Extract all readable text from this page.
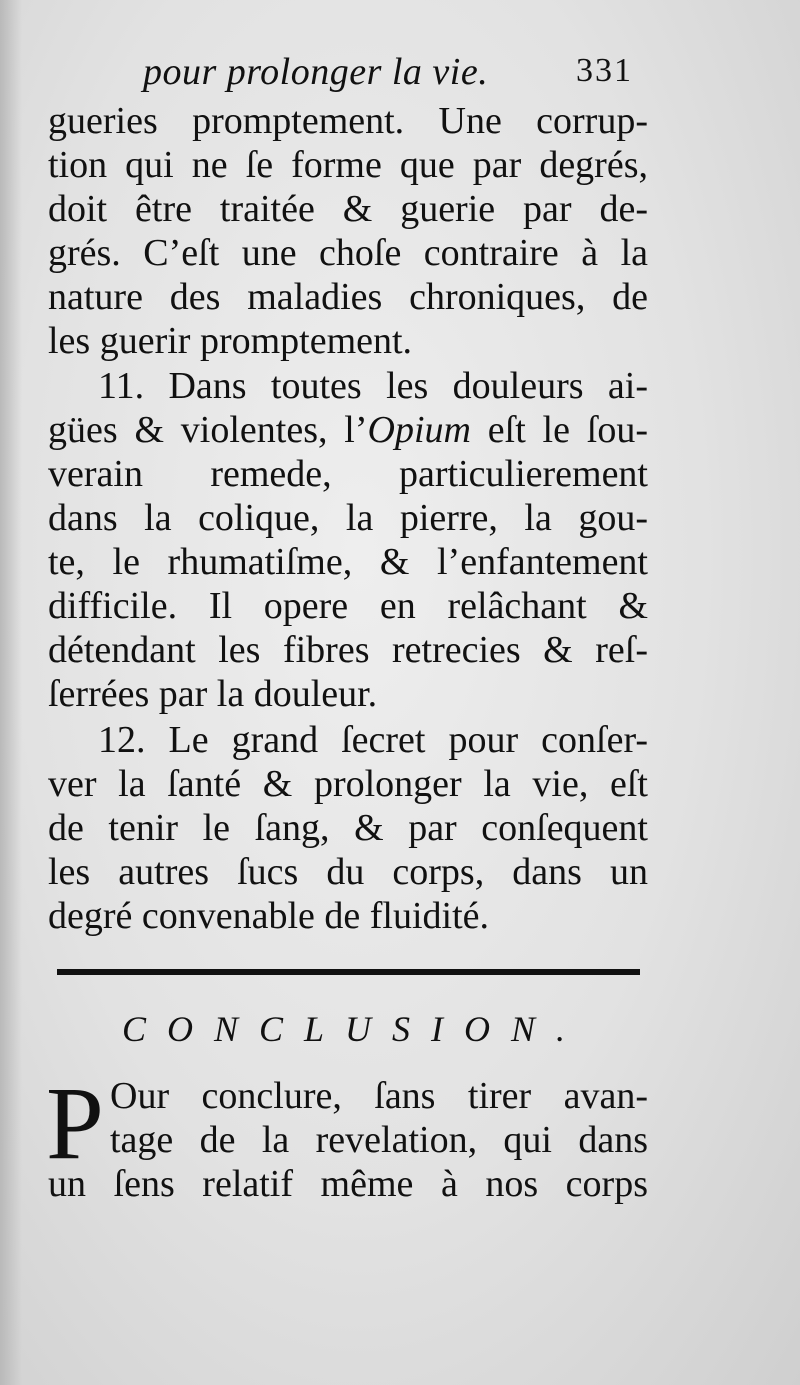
pour prolonger la vie.	331
gueries promptement. Une corrup-
tion qui ne ſe forme que par degrés,
doit être traitée & guerie par de-
grés. C’eſt une choſe contraire à la
nature des maladies chroniques, de
les guerir promptement.
11. Dans toutes les douleurs ai-
gües & violentes, l’Opium eſt le ſou-
verain remede, particulierement
dans la colique, la pierre, la gou-
te, le rhumatiſme, & l’enfantement
difficile. Il opere en relâchant &
détendant les fibres retrecies & reſ-
ſerrées par la douleur.
12. Le grand ſecret pour conſer-
ver la ſanté & prolonger la vie, eſt
de tenir le ſang, & par conſequent
les autres ſucs du corps, dans un
degré convenable de fluidité.
CONCLUSION.
P Our conclure, ſans tirer avan-
tage de la revelation, qui dans
un ſens relatif même à nos corps
